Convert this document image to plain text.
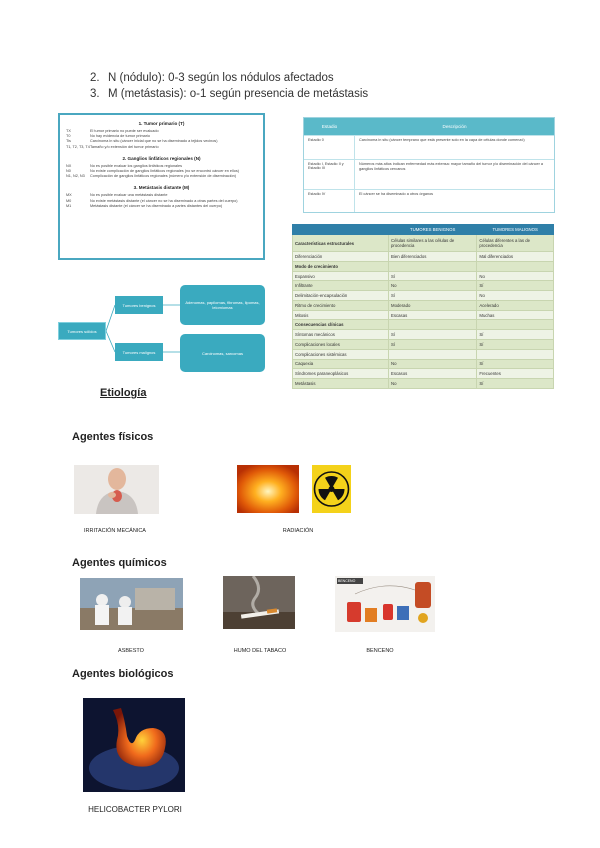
2. N (nódulo): 0-3 según los nódulos afectados
3. M (metástasis): o-1 según presencia de metástasis
1. Tumor primario (T)
TX	El tumor primario no puede ser evaluado
T0	No hay evidencia de tumor primario
Tis	Carcinoma in situ (cáncer inicial que no se ha diseminado a tejidos vecinos)
T1, T2, T3, T4 Tamaño y/o extensión del tumor primario
2. Ganglios linfáticos regionales (N)
NX	No es posible evaluar los ganglios linfáticos regionales
N0	No existe complicación de ganglios linfáticos regionales (no se encontró cáncer en ellos)
N1, N2, N3	Complicación de ganglios linfáticos regionales (número y/o extensión de diseminación)
3. Metástasis distante (M)
MX	No es posible evaluar una metástasis distante
M0	No existe metástasis distante (el cáncer no se ha diseminado a otras partes del cuerpo)
M1	Metástasis distante (el cáncer se ha diseminado a partes distantes del cuerpo)
Estadio	Descripción
Estadio 0	Carcinoma in situ (cáncer temprano que está presente solo en la capa de células donde comenzó)
Estadio I, Estadio II y Estadio III
Números más altos indican enfermedad más extensa: mayor tamaño del tumor y/o diseminación del cáncer a ganglios linfáticos cercanos
Estadio IV	El cáncer se ha diseminado a otros órganos
	TUMORES BENIGNOS	TUMORES MALIGNOS
Características estructurales	Células similares a las células de procedencia	Células diferentes a las de procedencia
Diferenciación	Bien diferenciados	Mal diferenciados
Modo de crecimiento		
Expansivo	Sí	No
Infiltrante	No	Sí
Delimitación-encapsulación	Sí	No
Ritmo de crecimiento	Moderado	Acelerado
Mitosis	Escasas	Muchas
Consecuencias clínicas		
Síntomas mecánicos	Sí	Sí
Complicaciones locales	Sí	Sí
Complicaciones sistémicas		
Caquexia	No	Sí
Síndromes paraneoplásicos	Escasos	Frecuentes
Metástasis	No	Sí
Tumores sólidos
Tumores benignos
Tumores malignos
Adenomas, papilomas, fibromas, lipomas, leiomiomas
Carcinomas, sarcomas
Etiología
Agentes físicos
Agentes químicos
Agentes biológicos
IRRITACIÓN MECÁNICA	RADIACIÓN
ASBESTO	HUMO DEL TABACO
BENCENO
BENCENO
HELICOBACTER PYLORI
